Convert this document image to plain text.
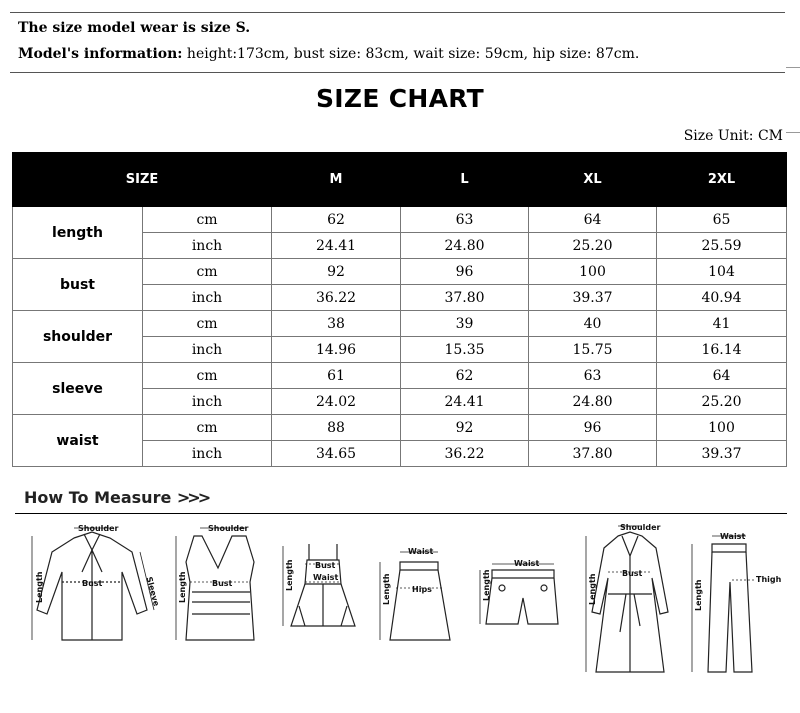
The size model wear is size S.
Model's information: height:173cm, bust size: 83cm, wait size: 59cm, hip size: 87cm.
SIZE CHART
Size Unit: CM
SIZE		M	L	XL	2XL
length	cm	62	63	64	65
	inch	24.41	24.80	25.20	25.59
bust	cm	92	96	100	104
	inch	36.22	37.80	39.37	40.94
shoulder	cm	38	39	40	41
	inch	14.96	15.35	15.75	16.14
sleeve	cm	61	62	63	64
	inch	24.02	24.41	24.80	25.20
waist	cm	88	92	96	100
	inch	34.65	36.22	37.80	39.37
How To Measure >>>
Shoulder
Bust
Length	Sleeve
Shoulder
Bust
Length
Bust
Waist
Length
Waist
Hips
Length
Waist
Length
Shoulder
Bust
Length
Waist
Thigh
Length
